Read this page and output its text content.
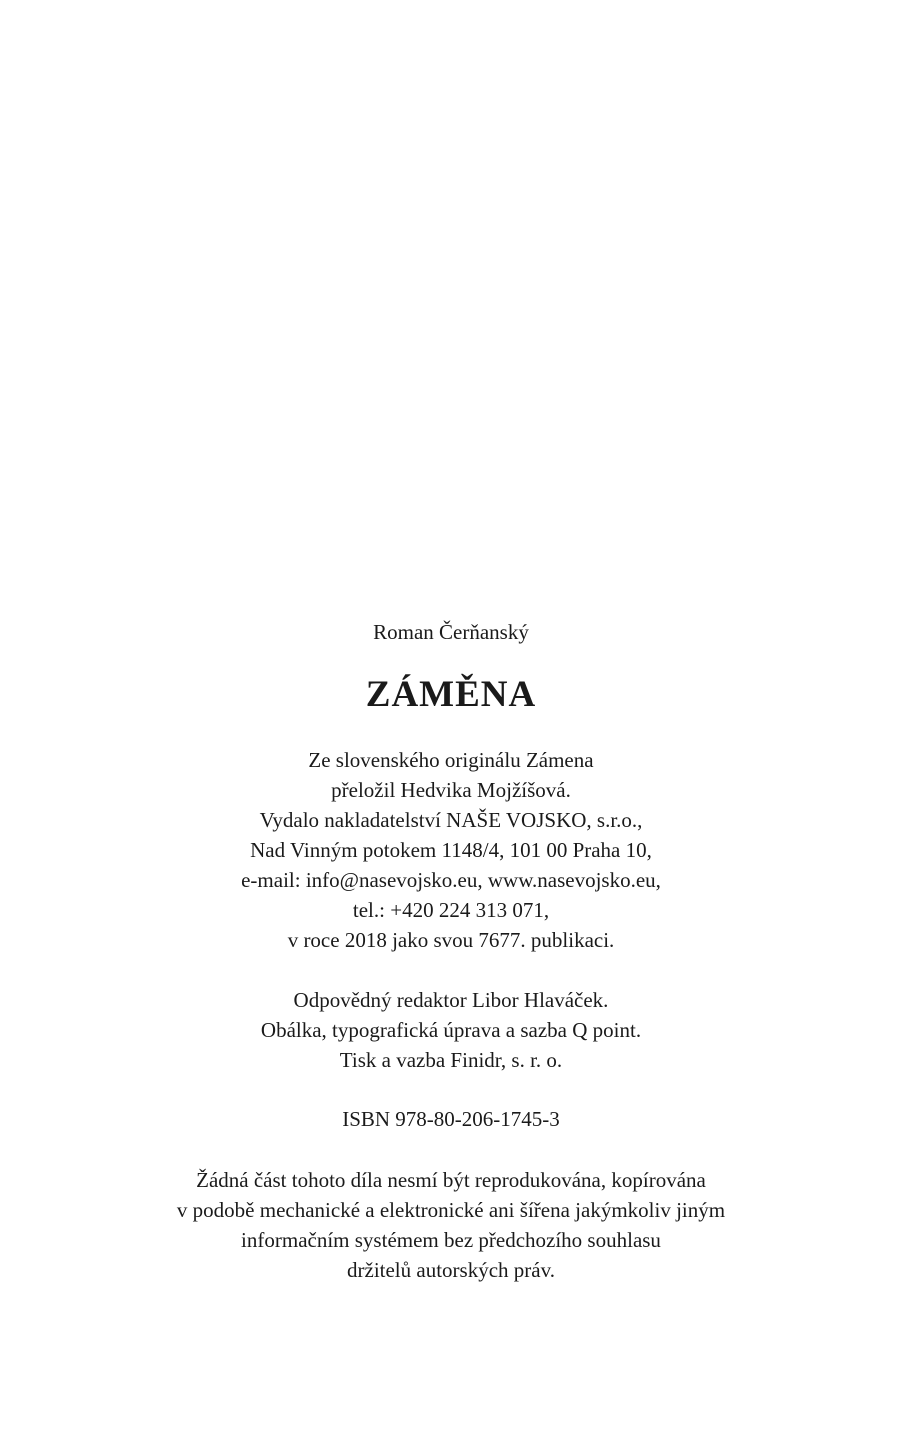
Roman Čerňanský
ZÁMĚNA
Ze slovenského originálu Zámena
přeložil Hedvika Mojžíšová.
Vydalo nakladatelství NAŠE VOJSKO, s.r.o.,
Nad Vinným potokem 1148/4, 101 00 Praha 10,
e-mail: info@nasevojsko.eu, www.nasevojsko.eu,
tel.: +420 224 313 071,
v roce 2018 jako svou 7677. publikaci.
Odpovědný redaktor Libor Hlaváček.
Obálka, typografická úprava a sazba Q point.
Tisk a vazba Finidr, s. r. o.
ISBN 978-80-206-1745-3
Žádná část tohoto díla nesmí být reprodukována, kopírována
v podobě mechanické a elektronické ani šířena jakýmkoliv jiným
informačním systémem bez předchozího souhlasu
držitelů autorských práv.
